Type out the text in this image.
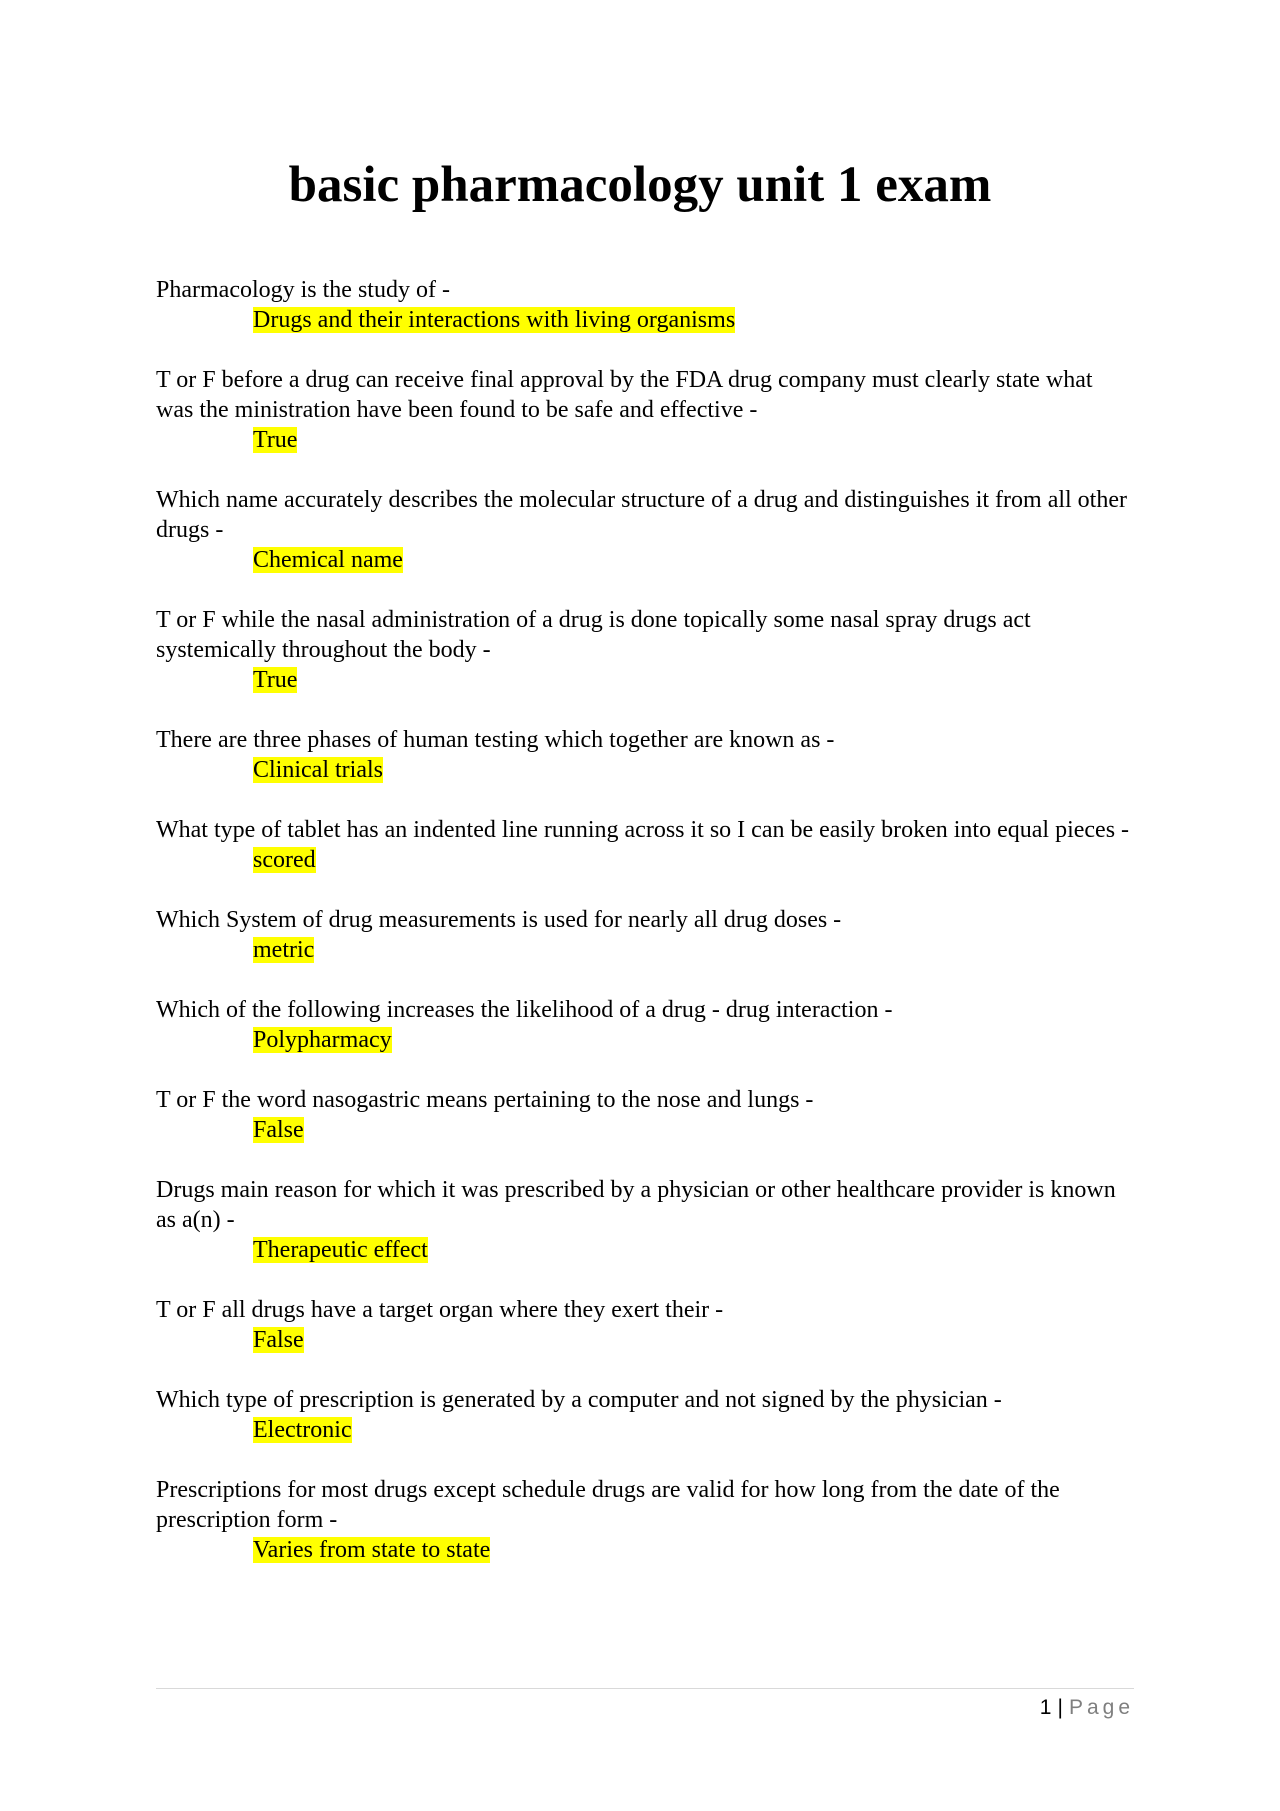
basic pharmacology unit 1 exam

Pharmacology is the study of -

Drugs and their interactions with living organisms

T or F before a drug can receive final approval by the FDA drug company must clearly state what was the ministration have been found to be safe and effective -

True

Which name accurately describes the molecular structure of a drug and distinguishes it from all other drugs -

Chemical name

T or F while the nasal administration of a drug is done topically some nasal spray drugs act systemically throughout the body -

True

There are three phases of human testing which together are known as -

Clinical trials

What type of tablet has an indented line running across it so I can be easily broken into equal pieces -

scored

Which System of drug measurements is used for nearly all drug doses -

metric

Which of the following increases the likelihood of a drug - drug interaction -

Polypharmacy

T or F the word nasogastric means pertaining to the nose and lungs -

False

Drugs main reason for which it was prescribed by a physician or other healthcare provider is known as a(n) -

Therapeutic effect

T or F all drugs have a target organ where they exert their -

False

Which type of prescription is generated by a computer and not signed by the physician -

Electronic

Prescriptions for most drugs except schedule drugs are valid for how long from the date of the prescription form -

Varies from state to state
1 | Page
